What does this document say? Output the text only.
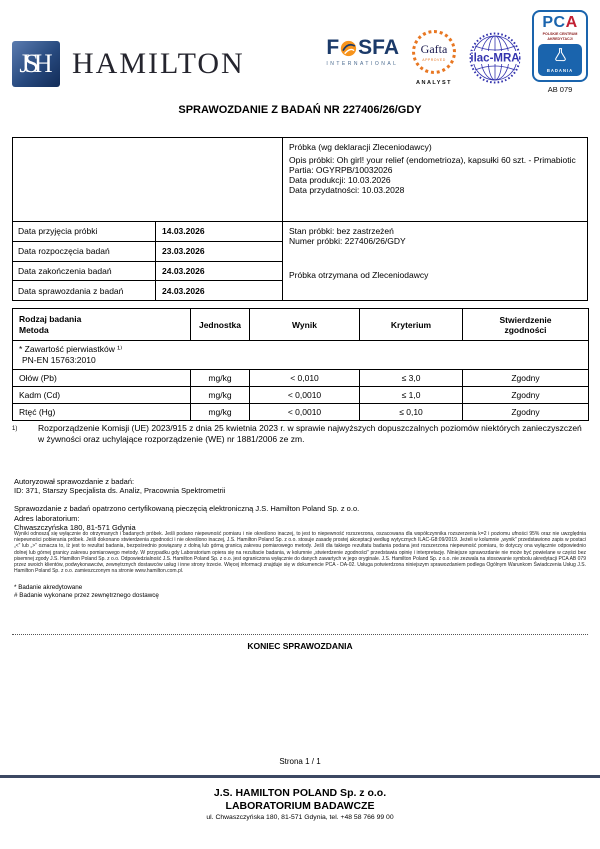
JSH HAMILTON	F SFA
INTERNATIONAL
Gafta
APPROVED
ANALYST
ilac-MRA
PCA
POLSKIE CENTRUM
AKREDYTACJI
BADANIA
AB 079
SPRAWOZDANIE Z BADAŃ NR 227406/26/GDY
Próbka (wg deklaracji Zleceniodawcy)
Opis próbki: Oh girl! your relief (endometrioza), kapsułki 60 szt. - Primabiotic
Partia: OGYRPB/10032026
Data produkcji: 10.03.2026
Data przydatności: 10.03.2028
Data przyjęcia próbki	14.03.2026
Data rozpoczęcia badań	23.03.2026
Data zakończenia badań	24.03.2026
Data sprawozdania z badań	24.03.2026
Stan próbki: bez zastrzeżeń
Numer próbki: 227406/26/GDY
Próbka otrzymana od Zleceniodawcy
Rodzaj badania
Metoda	Jednostka	Wynik	Kryterium	Stwierdzenie zgodności

* Zawartość pierwiastków ¹⁾
PN-EN 15763:2010				

Ołów (Pb)	mg/kg	< 0,010	≤ 3,0	Zgodny
Kadm (Cd)	mg/kg	< 0,0010	≤ 1,0	Zgodny
Rtęć (Hg)	mg/kg	< 0,0010	≤ 0,10	Zgodny
1)	Rozporządzenie Komisji (UE) 2023/915 z dnia 25 kwietnia 2023 r. w sprawie najwyższych dopuszczalnych poziomów niektórych zanieczyszczeń w żywności oraz uchylające rozporządzenie (WE) nr 1881/2006 ze zm.
Autoryzował sprawozdanie z badań:
ID: 371, Starszy Specjalista ds. Analiz, Pracownia Spektrometrii
Sprawozdanie z badań opatrzono certyfikowaną pieczęcią elektroniczną J.S. Hamilton Poland Sp. z o.o.
Adres laboratorium:
Chwaszczyńska 180, 81-571 Gdynia
Wyniki odnoszą się wyłącznie do otrzymanych i badanych próbek. Jeśli podano niepewność pomiaru i nie określono inaczej, to jest to niepewność rozszerzona, oszacowana dla współczynnika rozszerzenia k=2 i poziomu ufności 95% oraz nie uwzględnia niepewności pobierania próbek. Jeśli dokonano stwierdzenia zgodności i nie określono inaczej, J.S. Hamilton Poland Sp. z o.o. stosuje zasadę prostej akceptacji według wytycznych ILAC-G8:09/2019. Jeżeli w kolumnie „wynik” przedstawiono zapis w postaci „<” lub „>” oznacza to, iż jest to rezultat badania, bezpośrednio powiązany z dolną lub górną granicą zakresu pomiarowego metody. Jeśli dla takiego rezultatu badania podana jest rozszerzona niepewność pomiaru, to dotyczy ona wyłącznie odpowiednio dolnej lub górnej granicy zakresu pomiarowego metody. W przypadku gdy Laboratorium opiera się na rezultacie badania, w kolumnie „stwierdzenie zgodności” przedstawia opinię i interpretację. Niniejsze sprawozdanie nie może być powielane w części bez pisemnej zgody J.S. Hamilton Poland Sp. z o.o. Odpowiedzialność J.S. Hamilton Poland Sp. z o.o. jest ograniczona wyłącznie do danych zawartych w jego oryginale. J.S. Hamilton Poland Sp. z o.o. nie zezwala na stosowanie symbolu akredytacji PCA AB 079 przez swoich klientów, podwykonawców, zewnętrznych dostawców usług i inne strony trzecie. Więcej informacji znajduje się w dokumencie PCA - DA-02. Usługa potwierdzona niniejszym sprawozdaniem podlega Ogólnym Warunkom Świadczenia Usług J.S. Hamilton Poland Sp. z o.o. zamieszczonym na stronie www.hamilton.com.pl.
* Badanie akredytowane
# Badanie wykonane przez zewnętrznego dostawcę
KONIEC SPRAWOZDANIA
Strona 1 / 1
J.S. HAMILTON POLAND Sp. z o.o.
LABORATORIUM BADAWCZE
ul. Chwaszczyńska 180, 81-571 Gdynia, tel. +48 58 766 99 00
